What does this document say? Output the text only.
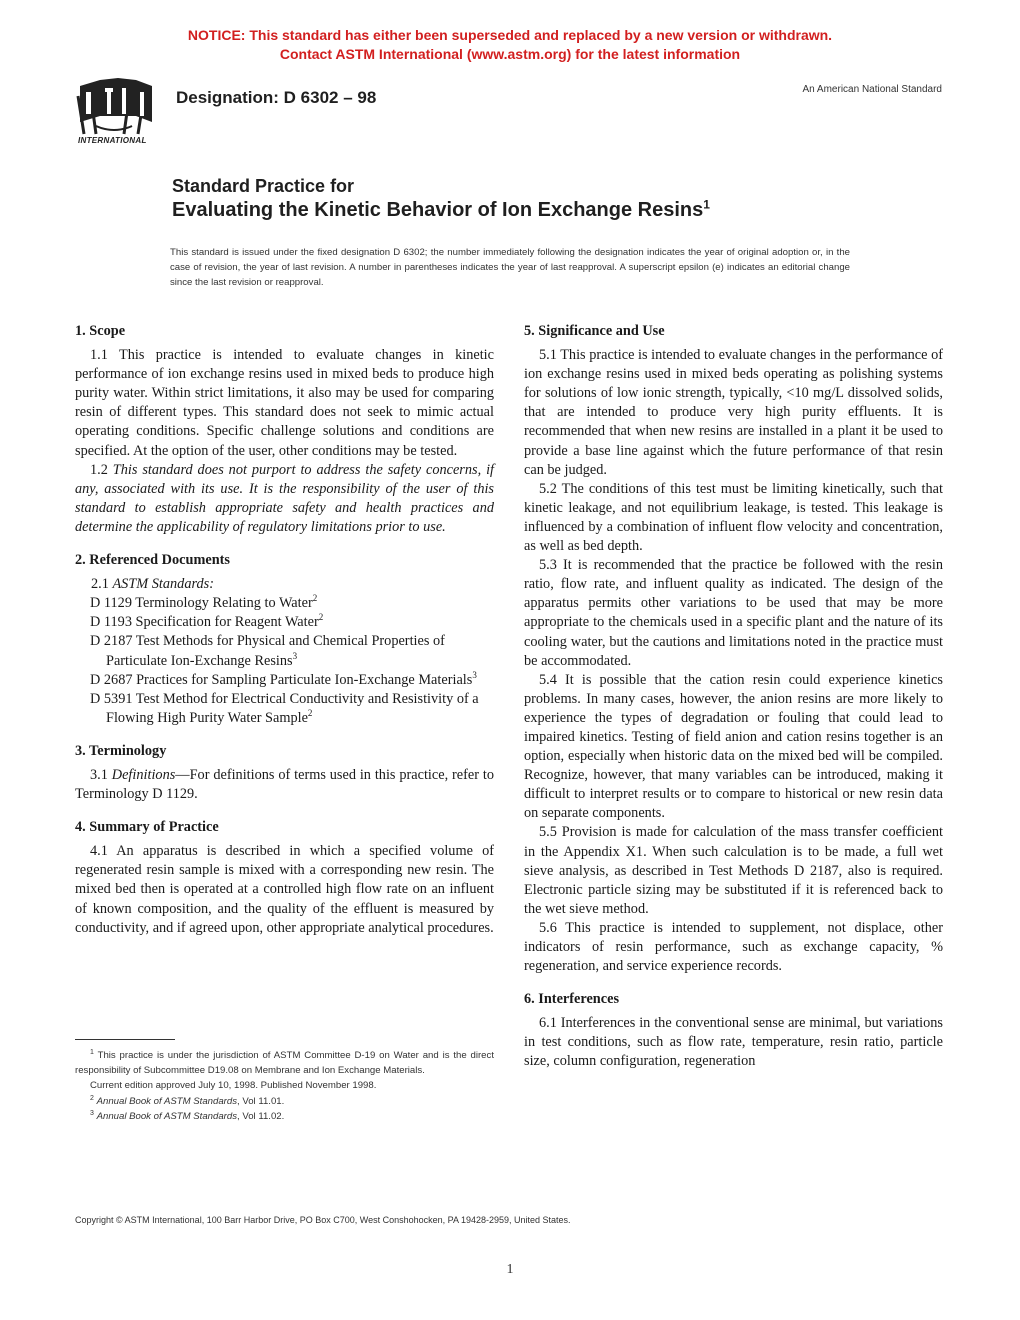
NOTICE: This standard has either been superseded and replaced by a new version or withdrawn.
Contact ASTM International (www.astm.org) for the latest information
INTERNATIONAL
Designation: D 6302 – 98	An American National Standard
Standard Practice for
Evaluating the Kinetic Behavior of Ion Exchange Resins$^1$
This standard is issued under the fixed designation D 6302; the number immediately following the designation indicates the year of original adoption or, in the case of revision, the year of last revision. A number in parentheses indicates the year of last reapproval. A superscript epsilon (e) indicates an editorial change since the last revision or reapproval.
1. Scope

1.1 This practice is intended to evaluate changes in kinetic performance of ion exchange resins used in mixed beds to produce high purity water. Within strict limitations, it also may be used for comparing resin of different types. This standard does not seek to mimic actual operating conditions. Specific challenge solutions and conditions are specified. At the option of the user, other conditions may be tested.

1.2 This standard does not purport to address the safety concerns, if any, associated with its use. It is the responsibility of the user of this standard to establish appropriate safety and health practices and determine the applicability of regulatory limitations prior to use.

2. Referenced Documents

2.1 ASTM Standards:

D 1129 Terminology Relating to Water$^2$

D 1193 Specification for Reagent Water$^2$

D 2187 Test Methods for Physical and Chemical Properties of Particulate Ion-Exchange Resins$^3$

D 2687 Practices for Sampling Particulate Ion-Exchange Materials$^3$

D 5391 Test Method for Electrical Conductivity and Resistivity of a Flowing High Purity Water Sample$^2$

3. Terminology

3.1 Definitions—For definitions of terms used in this practice, refer to Terminology D 1129.

4. Summary of Practice

4.1 An apparatus is described in which a specified volume of regenerated resin sample is mixed with a corresponding new resin. The mixed bed then is operated at a controlled high flow rate on an influent of known composition, and the quality of the effluent is measured by conductivity, and if agreed upon, other appropriate analytical procedures.

5. Significance and Use

5.1 This practice is intended to evaluate changes in the performance of ion exchange resins used in mixed beds operating as polishing systems for solutions of low ionic strength, typically, <10 mg/L dissolved solids, that are intended to produce very high purity effluents. It is recommended that when new resins are installed in a plant it be used to provide a base line against which the future performance of that resin can be judged.

5.2 The conditions of this test must be limiting kinetically, such that kinetic leakage, and not equilibrium leakage, is tested. This leakage is influenced by a combination of influent flow velocity and concentration, as well as bed depth.

5.3 It is recommended that the practice be followed with the resin ratio, flow rate, and influent quality as indicated. The design of the apparatus permits other variations to be used that may be more appropriate to the chemicals used in a specific plant and the nature of its cooling water, but the cautions and limitations noted in the practice must be accommodated.

5.4 It is possible that the cation resin could experience kinetics problems. In many cases, however, the anion resins are more likely to experience the types of degradation or fouling that could lead to impaired kinetics. Testing of field anion and cation resins together is an option, especially when historic data on the mixed bed will be compiled. Recognize, however, that many variables can be introduced, making it difficult to interpret results or to compare to historical or new resin data on separate components.

5.5 Provision is made for calculation of the mass transfer coefficient in the Appendix X1. When such calculation is to be made, a full wet sieve analysis, as described in Test Methods D 2187, also is required. Electronic particle sizing may be substituted if it is referenced back to the wet sieve method.

5.6 This practice is intended to supplement, not displace, other indicators of resin performance, such as exchange capacity, % regeneration, and service experience records.

6. Interferences

6.1 Interferences in the conventional sense are minimal, but variations in test conditions, such as flow rate, temperature, resin ratio, particle size, column configuration, regeneration

$^1$ This practice is under the jurisdiction of ASTM Committee D-19 on Water and is the direct responsibility of Subcommittee D19.08 on Membrane and Ion Exchange Materials.

Current edition approved July 10, 1998. Published November 1998.

$^2$ Annual Book of ASTM Standards, Vol 11.01.

$^3$ Annual Book of ASTM Standards, Vol 11.02.

Copyright © ASTM International, 100 Barr Harbor Drive, PO Box C700, West Conshohocken, PA 19428-2959, United States.
1
